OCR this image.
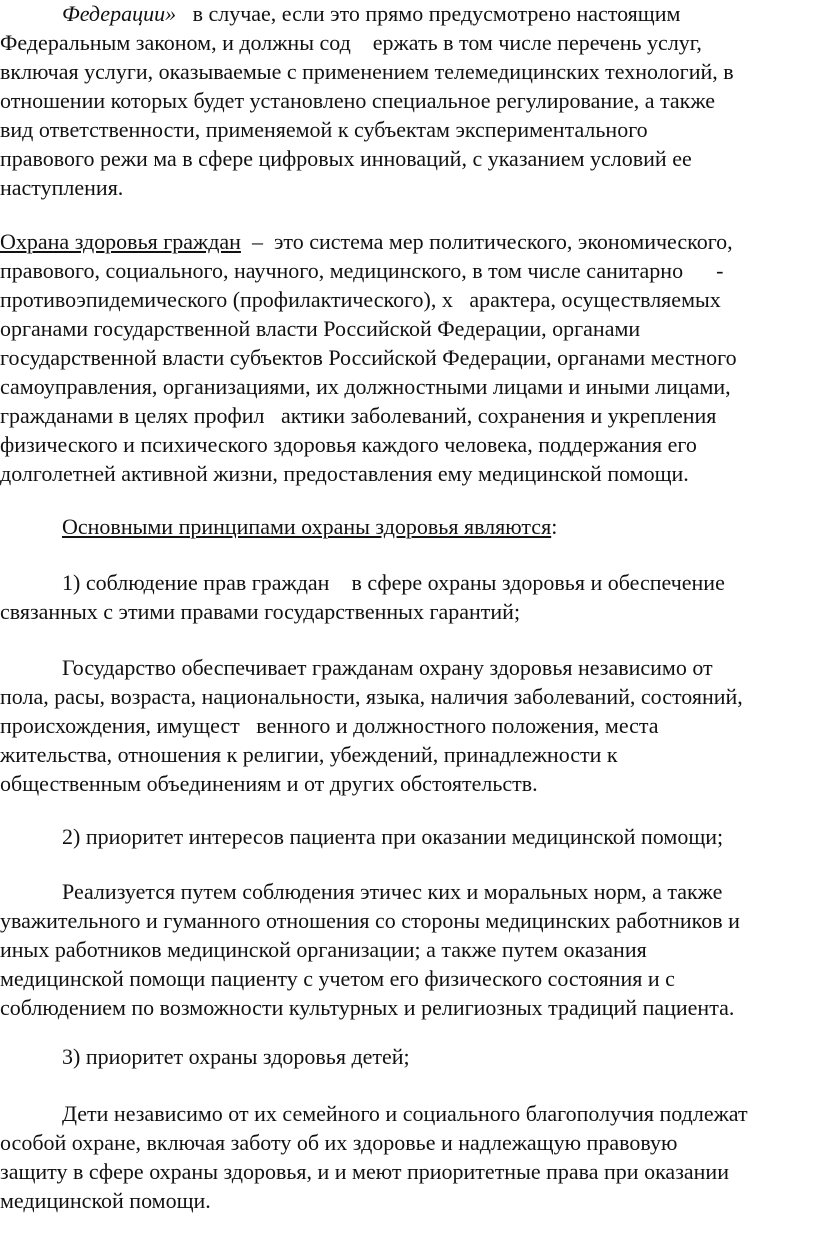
Федерации»   в случае, если это прямо предусмотрено настоящим
Федеральным законом, и должны сод    ержать в том числе перечень услуг,
включая услуги, оказываемые с применением телемедицинских технологий, в
отношении которых будет установлено специальное регулирование, а также
вид ответственности, применяемой к субъектам экспериментального
правового режи ма в сфере цифровых инноваций, с указанием условий ее
наступления.
Охрана здоровья граждан  –  это система мер политического, экономического,
правового, социального, научного, медицинского, в том числе санитарно      -
противоэпидемического (профилактического), х   арактера, осуществляемых
органами государственной власти Российской Федерации, органами
государственной власти субъектов Российской Федерации, органами местного
самоуправления, организациями, их должностными лицами и иными лицами,
гражданами в целях профил   актики заболеваний, сохранения и укрепления
физического и психического здоровья каждого человека, поддержания его
долголетней активной жизни, предоставления ему медицинской помощи.
Основными принципами охраны здоровья являются:
1) соблюдение прав граждан    в сфере охраны здоровья и обеспечение
связанных с этими правами государственных гарантий;
Государство обеспечивает гражданам охрану здоровья независимо от
пола, расы, возраста, национальности, языка, наличия заболеваний, состояний,
происхождения, имущест   венного и должностного положения, места
жительства, отношения к религии, убеждений, принадлежности к
общественным объединениям и от других обстоятельств.
2) приоритет интересов пациента при оказании медицинской помощи;
Реализуется путем соблюдения этичес ких и моральных норм, а также
уважительного и гуманного отношения со стороны медицинских работников и
иных работников медицинской организации; а также путем оказания
медицинской помощи пациенту с учетом его физического состояния и с
соблюдением по возможности культурных и религиозных традиций пациента.
3) приоритет охраны здоровья детей;
Дети независимо от их семейного и социального благополучия подлежат
особой охране, включая заботу об их здоровье и надлежащую правовую
защиту в сфере охраны здоровья, и и меют приоритетные права при оказании
медицинской помощи.
